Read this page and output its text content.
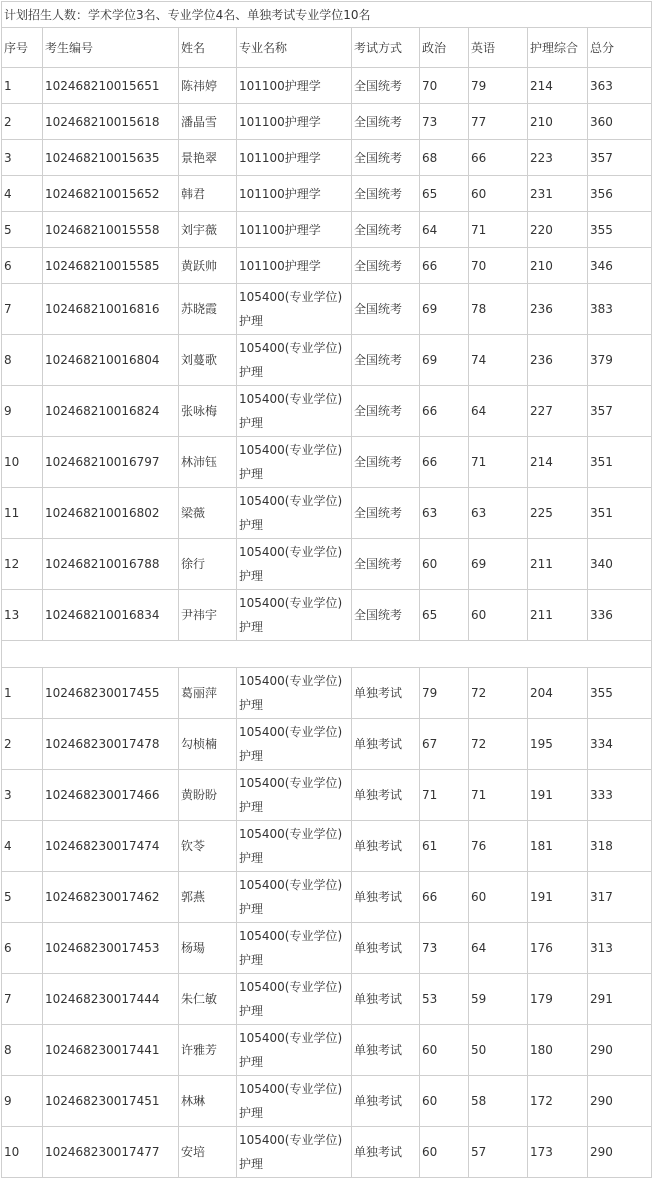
计划招生人数：学术学位3名、专业学位4名、单独考试专业学位10名								
序号	考生编号	姓名	专业名称	考试方式	政治	英语	护理综合	总分
1	102468210015651	陈祎婷	101100护理学	全国统考	70	79	214	363
2	102468210015618	潘晶雪	101100护理学	全国统考	73	77	210	360
3	102468210015635	景艳翠	101100护理学	全国统考	68	66	223	357
4	102468210015652	韩君	101100护理学	全国统考	65	60	231	356
5	102468210015558	刘宇薇	101100护理学	全国统考	64	71	220	355
6	102468210015585	黄跃帅	101100护理学	全国统考	66	70	210	346
7	102468210016816	苏晓霞	105400(专业学位)护理	全国统考	69	78	236	383
8	102468210016804	刘蔓歌	105400(专业学位)护理	全国统考	69	74	236	379
9	102468210016824	张咏梅	105400(专业学位)护理	全国统考	66	64	227	357
10	102468210016797	林沛钰	105400(专业学位)护理	全国统考	66	71	214	351
11	102468210016802	梁薇	105400(专业学位)护理	全国统考	63	63	225	351
12	102468210016788	徐行	105400(专业学位)护理	全国统考	60	69	211	340
13	102468210016834	尹祎宇	105400(专业学位)护理	全国统考	65	60	211	336

1	102468230017455	葛丽萍	105400(专业学位)护理	单独考试	79	72	204	355
2	102468230017478	勾桢楠	105400(专业学位)护理	单独考试	67	72	195	334
3	102468230017466	黄盼盼	105400(专业学位)护理	单独考试	71	71	191	333
4	102468230017474	钦苓	105400(专业学位)护理	单独考试	61	76	181	318
5	102468230017462	郭燕	105400(专业学位)护理	单独考试	66	60	191	317
6	102468230017453	杨瑒	105400(专业学位)护理	单独考试	73	64	176	313
7	102468230017444	朱仁敏	105400(专业学位)护理	单独考试	53	59	179	291
8	102468230017441	许雅芳	105400(专业学位)护理	单独考试	60	50	180	290
9	102468230017451	林琳	105400(专业学位)护理	单独考试	60	58	172	290
10	102468230017477	安培	105400(专业学位)护理	单独考试	60	57	173	290
